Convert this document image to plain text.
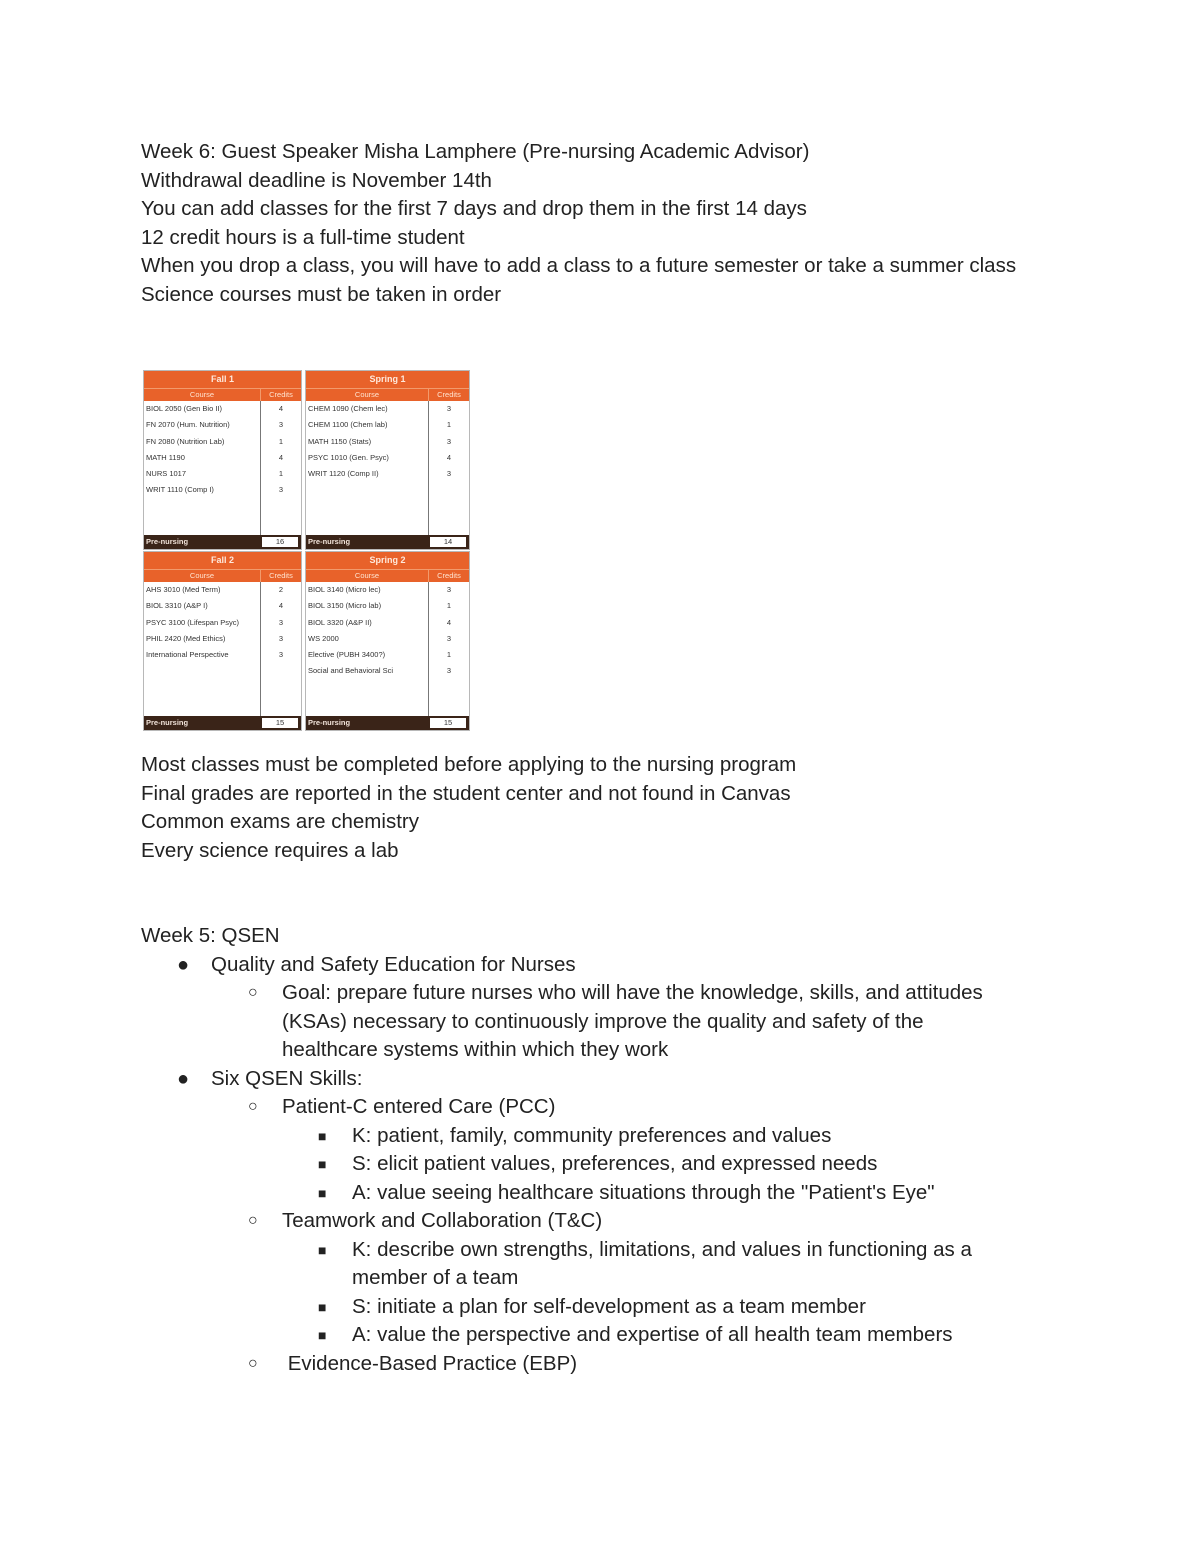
Week 6: Guest Speaker Misha Lamphere (Pre-nursing Academic Advisor)
Withdrawal deadline is November 14th
You can add classes for the first 7 days and drop them in the first 14 days
12 credit hours is a full-time student
When you drop a class, you will have to add a class to a future semester or take a summer class
Science courses must be taken in order
Fall 1
Course	Credits
BIOL 2050 (Gen Bio II)	4
FN 2070 (Hum. Nutrition)	3
FN 2080 (Nutrition Lab)	1
MATH 1190	4
NURS 1017	1
WRIT 1110 (Comp I)	3
Pre-nursing	16
Spring 1
Course	Credits
CHEM 1090 (Chem lec)	3
CHEM 1100 (Chem lab)	1
MATH 1150 (Stats)	3
PSYC 1010 (Gen. Psyc)	4
WRIT 1120 (Comp II)	3
Pre-nursing	14
Fall 2
Course	Credits
AHS 3010 (Med Term)	2
BIOL 3310 (A&P I)	4
PSYC 3100 (Lifespan Psyc)	3
PHIL 2420 (Med Ethics)	3
International Perspective	3
Pre-nursing	15
Spring 2
Course	Credits
BIOL 3140 (Micro lec)	3
BIOL 3150 (Micro lab)	1
BIOL 3320 (A&P II)	4
WS 2000	3
Elective (PUBH 3400?)	1
Social and Behavioral Sci	3
Pre-nursing	15
Most classes must be completed before applying to the nursing program
Final grades are reported in the student center and not found in Canvas
Common exams are chemistry
Every science requires a lab
Week 5: QSEN
● Quality and Safety Education for Nurses
○ Goal: prepare future nurses who will have the knowledge, skills, and attitudes (KSAs) necessary to continuously improve the quality and safety of the healthcare systems within which they work
● Six QSEN Skills:
○ Patient-C entered Care (PCC)
■ K: patient, family, community preferences and values
■ S: elicit patient values, preferences, and expressed needs
■ A: value seeing healthcare situations through the "Patient's Eye"
○ Teamwork and Collaboration (T&C)
■ K: describe own strengths, limitations, and values in functioning as a member of a team
■ S: initiate a plan for self-development as a team member
■ A: value the perspective and expertise of all health team members
○ Evidence-Based Practice (EBP)
